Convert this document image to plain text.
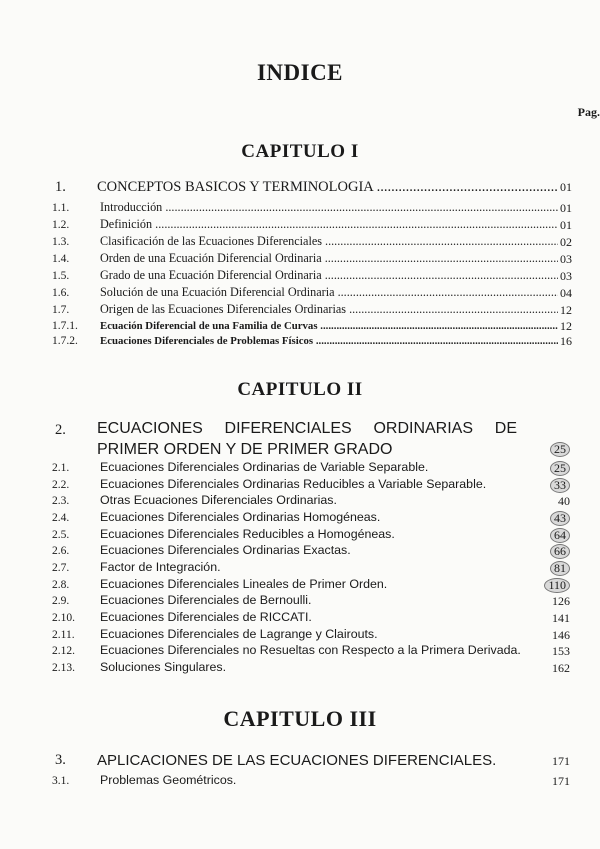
INDICE
Pag.
CAPITULO I
1. CONCEPTOS BASICOS Y TERMINOLOGIA .....	01
1.1.	Introducción .....	01
1.2.	Definición .....	01
1.3.	Clasificación de las Ecuaciones Diferenciales .....	02
1.4.	Orden de una Ecuación Diferencial Ordinaria .....	03
1.5.	Grado de una Ecuación Diferencial Ordinaria .....	03
1.6.	Solución de una Ecuación Diferencial Ordinaria .....	04
1.7.	Origen de las Ecuaciones Diferenciales Ordinarias .....	12
1.7.1. Ecuación Diferencial de una Familia de Curvas .....	12
1.7.2. Ecuaciones Diferenciales de Problemas Físicos .....	16
CAPITULO II
2. ECUACIONES DIFERENCIALES ORDINARIAS DE PRIMER ORDEN Y DE PRIMER GRADO	25
2.1. Ecuaciones Diferenciales Ordinarias de Variable Separable.	25
2.2. Ecuaciones Diferenciales Ordinarias Reducibles a Variable Separable.	33
2.3. Otras Ecuaciones Diferenciales Ordinarias.	40
2.4. Ecuaciones Diferenciales Ordinarias Homogéneas.	43
2.5. Ecuaciones Diferenciales Reducibles a Homogéneas.	64
2.6. Ecuaciones Diferenciales Ordinarias Exactas.	66
2.7. Factor de Integración.	81
2.8. Ecuaciones Diferenciales Lineales de Primer Orden.	110
2.9. Ecuaciones Diferenciales de Bernoulli.	126
2.10. Ecuaciones Diferenciales de RICCATI.	141
2.11. Ecuaciones Diferenciales de Lagrange y Clairouts.	146
2.12. Ecuaciones Diferenciales no Resueltas con Respecto a la Primera Derivada.	153
2.13. Soluciones Singulares.	162
CAPITULO III
3. APLICACIONES DE LAS ECUACIONES DIFERENCIALES.	171
3.1. Problemas Geométricos.	171
